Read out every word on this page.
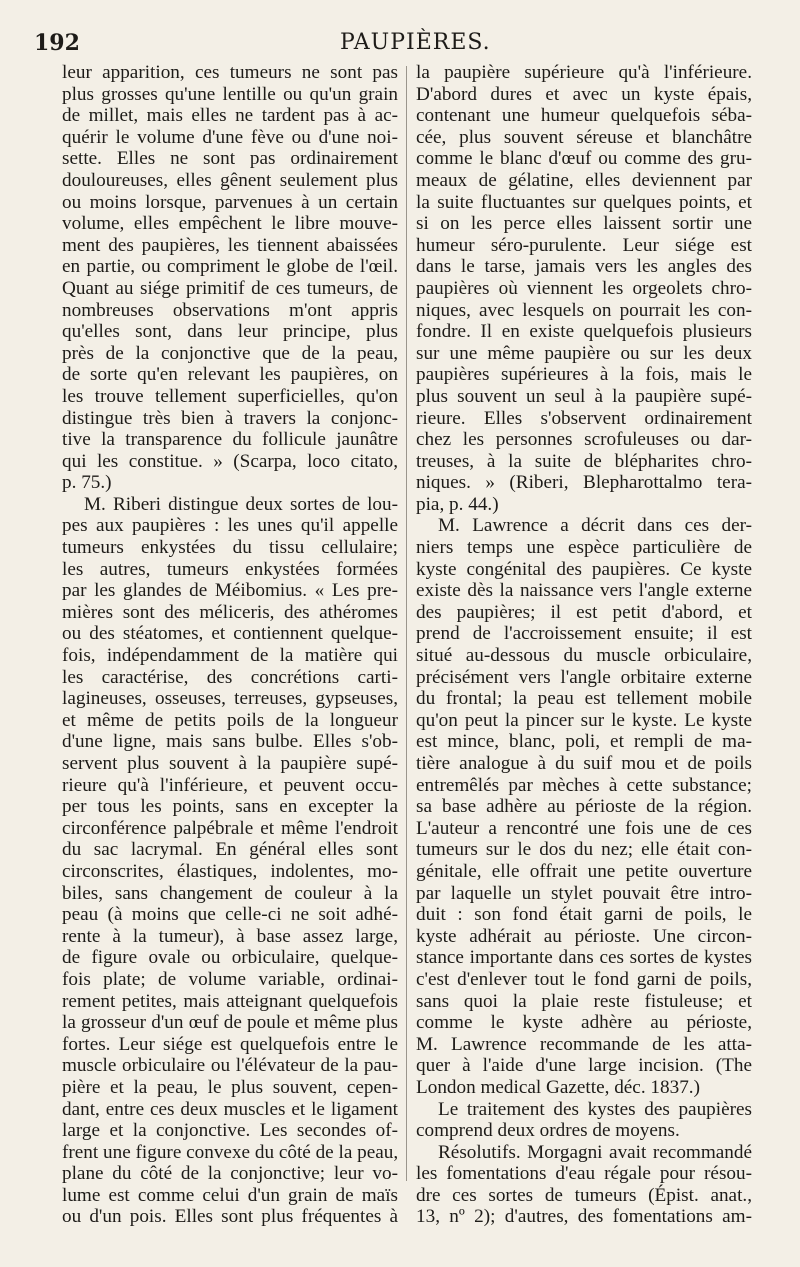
192	PAUPIÈRES.
leur apparition, ces tumeurs ne sont pas
plus grosses qu'une lentille ou qu'un grain
de millet, mais elles ne tardent pas à ac-
quérir le volume d'une fève ou d'une noi-
sette. Elles ne sont pas ordinairement
douloureuses, elles gênent seulement plus
ou moins lorsque, parvenues à un certain
volume, elles empêchent le libre mouve-
ment des paupières, les tiennent abaissées
en partie, ou compriment le globe de l'œil.
Quant au siége primitif de ces tumeurs, de
nombreuses observations m'ont appris
qu'elles sont, dans leur principe, plus
près de la conjonctive que de la peau,
de sorte qu'en relevant les paupières, on
les trouve tellement superficielles, qu'on
distingue très bien à travers la conjonc-
tive la transparence du follicule jaunâtre
qui les constitue. » (Scarpa, loco citato,
p. 75.)
M. Riberi distingue deux sortes de lou-
pes aux paupières : les unes qu'il appelle
tumeurs enkystées du tissu cellulaire;
les autres, tumeurs enkystées formées
par les glandes de Méibomius. « Les pre-
mières sont des méliceris, des athéromes
ou des stéatomes, et contiennent quelque-
fois, indépendamment de la matière qui
les caractérise, des concrétions carti-
lagineuses, osseuses, terreuses, gypseuses,
et même de petits poils de la longueur
d'une ligne, mais sans bulbe. Elles s'ob-
servent plus souvent à la paupière supé-
rieure qu'à l'inférieure, et peuvent occu-
per tous les points, sans en excepter la
circonférence palpébrale et même l'endroit
du sac lacrymal. En général elles sont
circonscrites, élastiques, indolentes, mo-
biles, sans changement de couleur à la
peau (à moins que celle-ci ne soit adhé-
rente à la tumeur), à base assez large,
de figure ovale ou orbiculaire, quelque-
fois plate; de volume variable, ordinai-
rement petites, mais atteignant quelquefois
la grosseur d'un œuf de poule et même plus
fortes. Leur siége est quelquefois entre le
muscle orbiculaire ou l'élévateur de la pau-
pière et la peau, le plus souvent, cepen-
dant, entre ces deux muscles et le ligament
large et la conjonctive. Les secondes of-
frent une figure convexe du côté de la peau,
plane du côté de la conjonctive; leur vo-
lume est comme celui d'un grain de maïs
ou d'un pois. Elles sont plus fréquentes à
la paupière supérieure qu'à l'inférieure.
D'abord dures et avec un kyste épais,
contenant une humeur quelquefois séba-
cée, plus souvent séreuse et blanchâtre
comme le blanc d'œuf ou comme des gru-
meaux de gélatine, elles deviennent par
la suite fluctuantes sur quelques points, et
si on les perce elles laissent sortir une
humeur séro-purulente. Leur siége est
dans le tarse, jamais vers les angles des
paupières où viennent les orgeolets chro-
niques, avec lesquels on pourrait les con-
fondre. Il en existe quelquefois plusieurs
sur une même paupière ou sur les deux
paupières supérieures à la fois, mais le
plus souvent un seul à la paupière supé-
rieure. Elles s'observent ordinairement
chez les personnes scrofuleuses ou dar-
treuses, à la suite de blépharites chro-
niques. » (Riberi, Blepharottalmo tera-
pia, p. 44.)
M. Lawrence a décrit dans ces der-
niers temps une espèce particulière de
kyste congénital des paupières. Ce kyste
existe dès la naissance vers l'angle externe
des paupières; il est petit d'abord, et
prend de l'accroissement ensuite; il est
situé au-dessous du muscle orbiculaire,
précisément vers l'angle orbitaire externe
du frontal; la peau est tellement mobile
qu'on peut la pincer sur le kyste. Le kyste
est mince, blanc, poli, et rempli de ma-
tière analogue à du suif mou et de poils
entremêlés par mèches à cette substance;
sa base adhère au périoste de la région.
L'auteur a rencontré une fois une de ces
tumeurs sur le dos du nez; elle était con-
génitale, elle offrait une petite ouverture
par laquelle un stylet pouvait être intro-
duit : son fond était garni de poils, le
kyste adhérait au périoste. Une circon-
stance importante dans ces sortes de kystes
c'est d'enlever tout le fond garni de poils,
sans quoi la plaie reste fistuleuse; et
comme le kyste adhère au périoste,
M. Lawrence recommande de les atta-
quer à l'aide d'une large incision. (The
London medical Gazette, déc. 1837.)
Le traitement des kystes des paupières
comprend deux ordres de moyens.
Résolutifs. Morgagni avait recommandé
les fomentations d'eau régale pour résou-
dre ces sortes de tumeurs (Épist. anat.,
13, nº 2); d'autres, des fomentations am-
